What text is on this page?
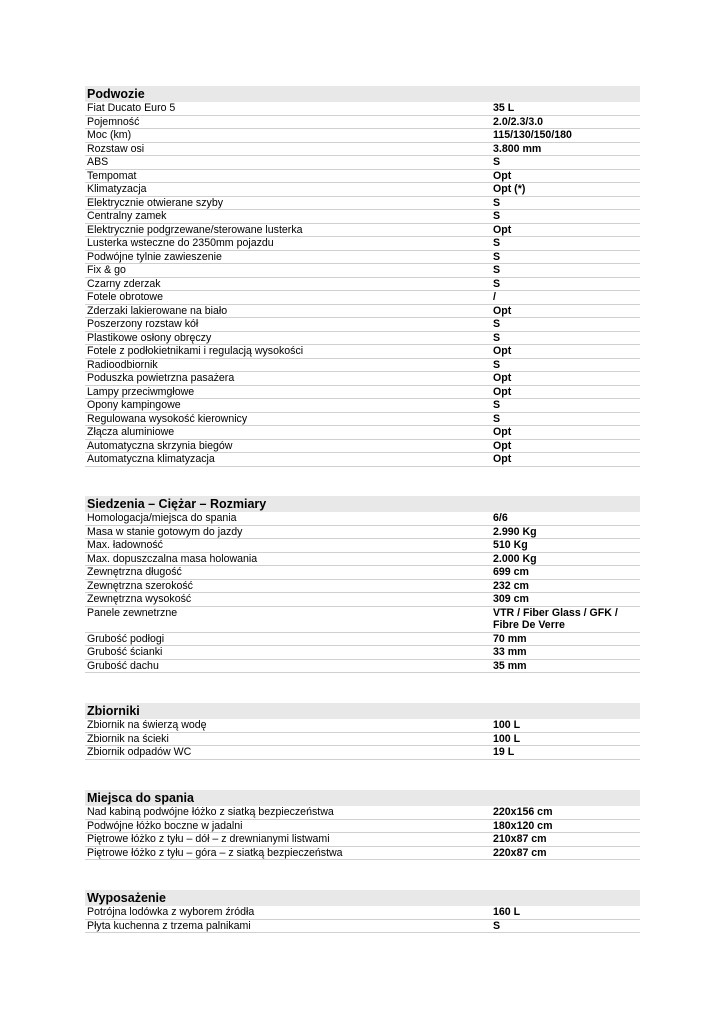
Podwozie
Fiat Ducato Euro 5	35 L
Pojemność	2.0/2.3/3.0
Moc (km)	115/130/150/180
Rozstaw osi	3.800 mm
ABS	S
Tempomat	Opt
Klimatyzacja	Opt (*)
Elektrycznie otwierane szyby	S
Centralny zamek	S
Elektrycznie podgrzewane/sterowane lusterka	Opt
Lusterka wsteczne do 2350mm pojazdu	S
Podwójne tylnie zawieszenie	S
Fix & go	S
Czarny zderzak	S
Fotele obrotowe	/
Zderzaki lakierowane na biało	Opt
Poszerzony rozstaw kół	S
Plastikowe osłony obręczy	S
Fotele z podłokietnikami i regulacją wysokości	Opt
Radioodbiornik	S
Poduszka powietrzna pasażera	Opt
Lampy przeciwmgłowe	Opt
Opony kampingowe	S
Regulowana wysokość kierownicy	S
Złącza aluminiowe	Opt
Automatyczna skrzynia biegów	Opt
Automatyczna klimatyzacja	Opt
Siedzenia – Ciężar – Rozmiary
Homologacja/miejsca do spania	6/6
Masa w stanie gotowym do jazdy	2.990 Kg
Max. ładowność	510 Kg
Max. dopuszczalna masa holowania	2.000 Kg
Zewnętrzna długość	699 cm
Zewnętrzna szerokość	232 cm
Zewnętrzna wysokość	309 cm
Panele zewnetrzne	VTR / Fiber Glass / GFK / Fibre De Verre
Grubość podłogi	70 mm
Grubość ścianki	33 mm
Grubość dachu	35 mm
Zbiorniki
Zbiornik na świerzą wodę	100 L
Zbiornik na ścieki	100 L
Zbiornik odpadów WC	19 L
Miejsca do spania
Nad kabiną podwójne łóżko z siatką bezpieczeństwa	220x156 cm
Podwójne łóżko boczne w jadalni	180x120 cm
Piętrowe łóżko z tyłu – dół – z drewnianymi listwami	210x87 cm
Piętrowe łóżko z tyłu – góra – z siatką bezpieczeństwa	220x87 cm
Wyposażenie
Potrójna lodówka z wyborem źródła	160 L
Płyta kuchenna z trzema palnikami	S
